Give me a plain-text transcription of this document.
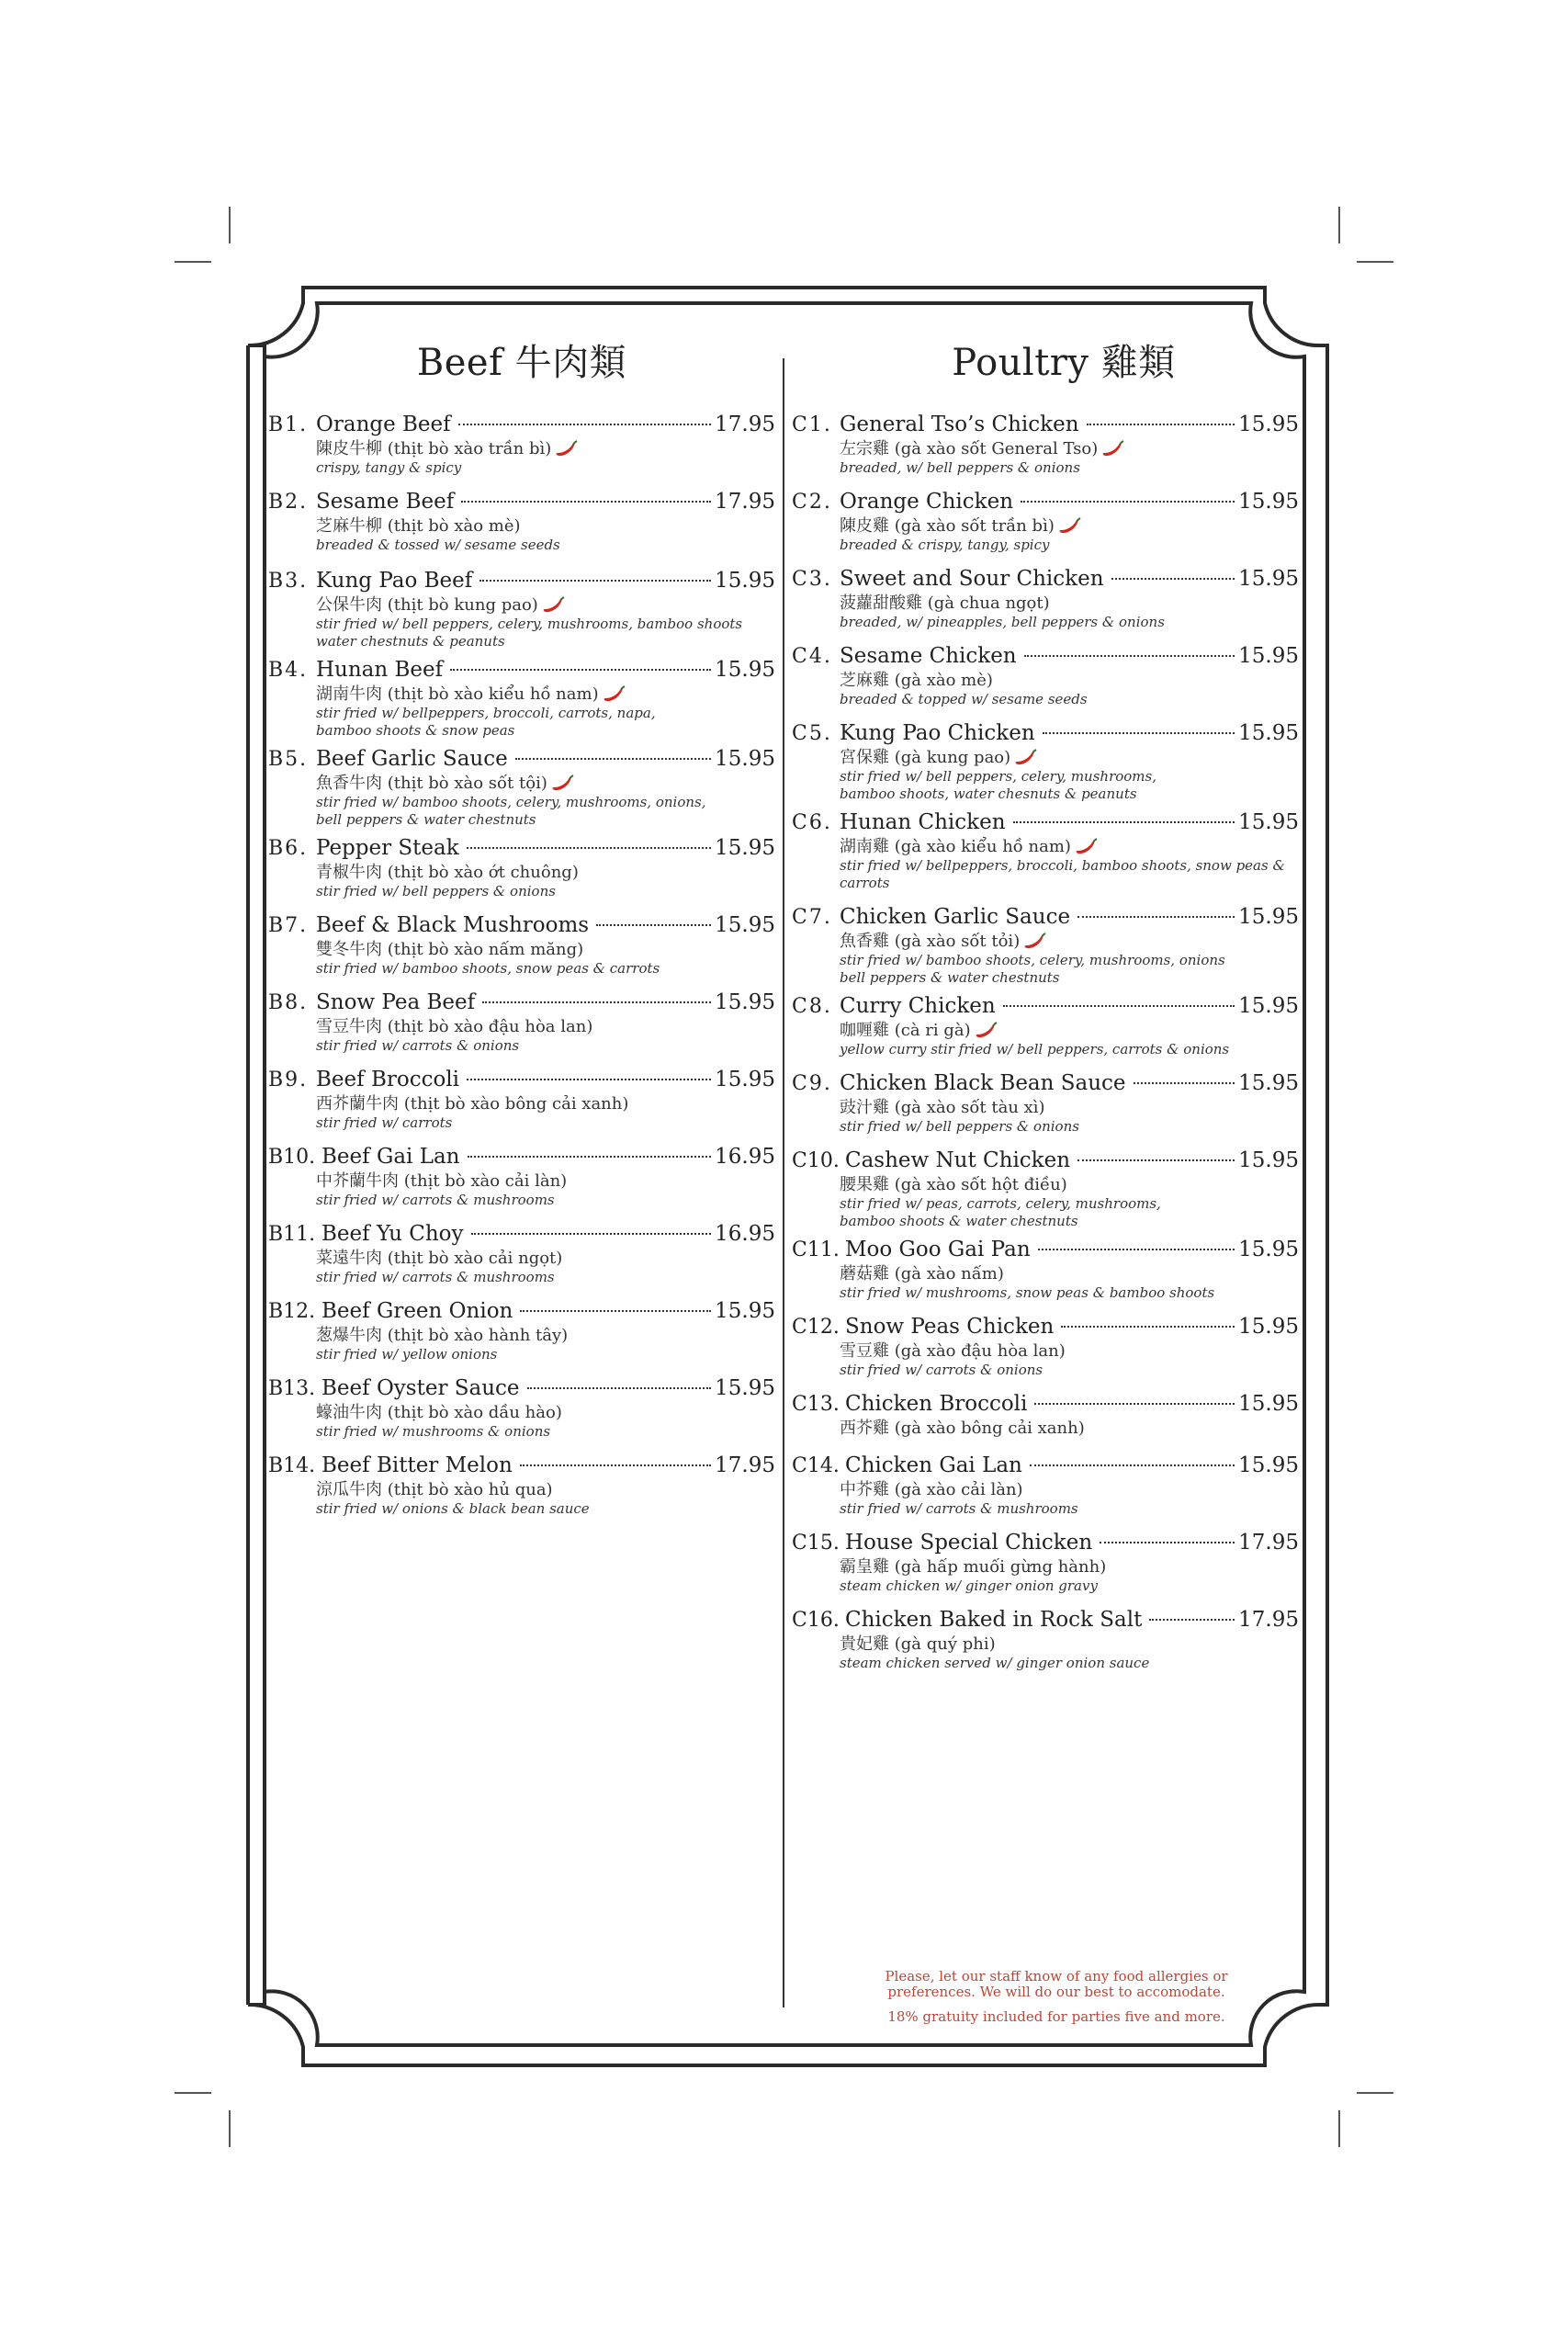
Beef 牛肉類
B1. Orange Beef	17.95
陳皮牛柳 (thịt bò xào trần bì)
crispy, tangy & spicy
B2. Sesame Beef	17.95
芝麻牛柳 (thịt bò xào mè)
breaded & tossed w/ sesame seeds
B3. Kung Pao Beef	15.95
公保牛肉 (thịt bò kung pao)
stir fried w/ bell peppers, celery, mushrooms, bamboo shoots
water chestnuts & peanuts
B4. Hunan Beef	15.95
湖南牛肉 (thịt bò xào kiểu hồ nam)
stir fried w/ bellpeppers, broccoli, carrots, napa,
bamboo shoots & snow peas
B5. Beef Garlic Sauce	15.95
魚香牛肉 (thịt bò xào sốt tội)
stir fried w/ bamboo shoots, celery, mushrooms, onions,
bell peppers & water chestnuts
B6. Pepper Steak	15.95
青椒牛肉 (thịt bò xào ớt chuông)
stir fried w/ bell peppers & onions
B7. Beef & Black Mushrooms	15.95
雙冬牛肉 (thịt bò xào nấm măng)
stir fried w/ bamboo shoots, snow peas & carrots
B8. Snow Pea Beef	15.95
雪豆牛肉 (thịt bò xào đậu hòa lan)
stir fried w/ carrots & onions
B9. Beef Broccoli	15.95
西芥蘭牛肉 (thịt bò xào bông cải xanh)
stir fried w/ carrots
B10. Beef Gai Lan	16.95
中芥蘭牛肉 (thịt bò xào cải làn)
stir fried w/ carrots & mushrooms
B11. Beef Yu Choy	16.95
菜遠牛肉 (thịt bò xào cải ngọt)
stir fried w/ carrots & mushrooms
B12. Beef Green Onion	15.95
葱爆牛肉 (thịt bò xào hành tây)
stir fried w/ yellow onions
B13. Beef Oyster Sauce	15.95
蠔油牛肉 (thịt bò xào dầu hào)
stir fried w/ mushrooms & onions
B14. Beef Bitter Melon	17.95
涼瓜牛肉 (thịt bò xào hủ qua)
stir fried w/ onions & black bean sauce
Poultry 雞類
C1. General Tso’s Chicken	15.95
左宗雞 (gà xào sốt General Tso)
breaded, w/ bell peppers & onions
C2. Orange Chicken	15.95
陳皮雞 (gà xào sốt trần bì)
breaded & crispy, tangy, spicy
C3. Sweet and Sour Chicken	15.95
菠蘿甜酸雞 (gà chua ngọt)
breaded, w/ pineapples, bell peppers & onions
C4. Sesame Chicken	15.95
芝麻雞 (gà xào mè)
breaded & topped w/ sesame seeds
C5. Kung Pao Chicken	15.95
宮保雞 (gà kung pao)
stir fried w/ bell peppers, celery, mushrooms,
bamboo shoots, water chesnuts & peanuts
C6. Hunan Chicken	15.95
湖南雞 (gà xào kiểu hồ nam)
stir fried w/ bellpeppers, broccoli, bamboo shoots, snow peas & carrots
C7. Chicken Garlic Sauce	15.95
魚香雞 (gà xào sốt tỏi)
stir fried w/ bamboo shoots, celery, mushrooms, onions
bell peppers & water chestnuts
C8. Curry Chicken	15.95
咖喱雞 (cà ri gà)
yellow curry stir fried w/ bell peppers, carrots & onions
C9. Chicken Black Bean Sauce	15.95
豉汁雞 (gà xào sốt tàu xì)
stir fried w/ bell peppers & onions
C10. Cashew Nut Chicken	15.95
腰果雞 (gà xào sốt hột điều)
stir fried w/ peas, carrots, celery, mushrooms,
bamboo shoots & water chestnuts
C11. Moo Goo Gai Pan	15.95
蘑菇雞 (gà xào nấm)
stir fried w/ mushrooms, snow peas & bamboo shoots
C12. Snow Peas Chicken	15.95
雪豆雞 (gà xào đậu hòa lan)
stir fried w/ carrots & onions
C13. Chicken Broccoli	15.95
西芥雞 (gà xào bông cải xanh)
C14. Chicken Gai Lan	15.95
中芥雞 (gà xào cải làn)
stir fried w/ carrots & mushrooms
C15. House Special Chicken	17.95
霸皇雞 (gà hấp muối gừng hành)
steam chicken w/ ginger onion gravy
C16. Chicken Baked in Rock Salt	17.95
貴妃雞 (gà quý phi)
steam chicken served w/ ginger onion sauce

Please, let our staff know of any food allergies or

preferences. We will do our best to accomodate.

18% gratuity included for parties five and more.
